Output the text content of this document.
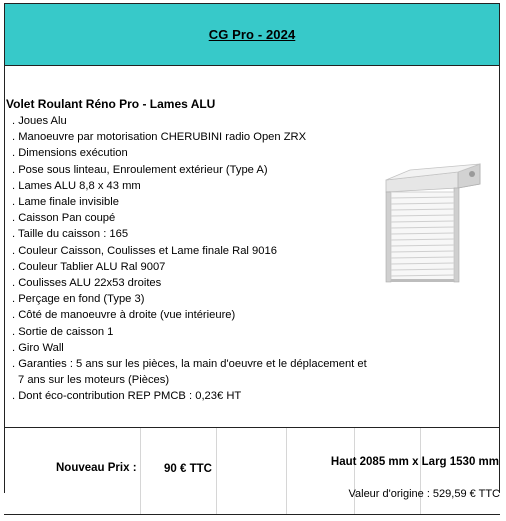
CG Pro - 2024
Volet Roulant Réno Pro - Lames ALU
. Joues Alu
. Manoeuvre par motorisation CHERUBINI radio Open ZRX
. Dimensions exécution
. Pose sous linteau, Enroulement extérieur (Type A)
. Lames ALU 8,8 x 43 mm
. Lame finale invisible
. Caisson Pan coupé
. Taille du caisson : 165
. Couleur Caisson, Coulisses et Lame finale Ral 9016
. Couleur Tablier ALU Ral 9007
. Coulisses ALU 22x53 droites
. Perçage en fond (Type 3)
. Côté de manoeuvre à droite (vue intérieure)
. Sortie de caisson 1
. Giro Wall
. Garanties : 5 ans sur les pièces, la main d'oeuvre et le déplacement et
7 ans sur les moteurs (Pièces)
. Dont éco-contribution REP PMCB : 0,23€ HT
Nouveau Prix : 90 € TTC
Haut 2085 mm x Larg 1530 mm
Valeur d'origine : 529,59 € TTC
